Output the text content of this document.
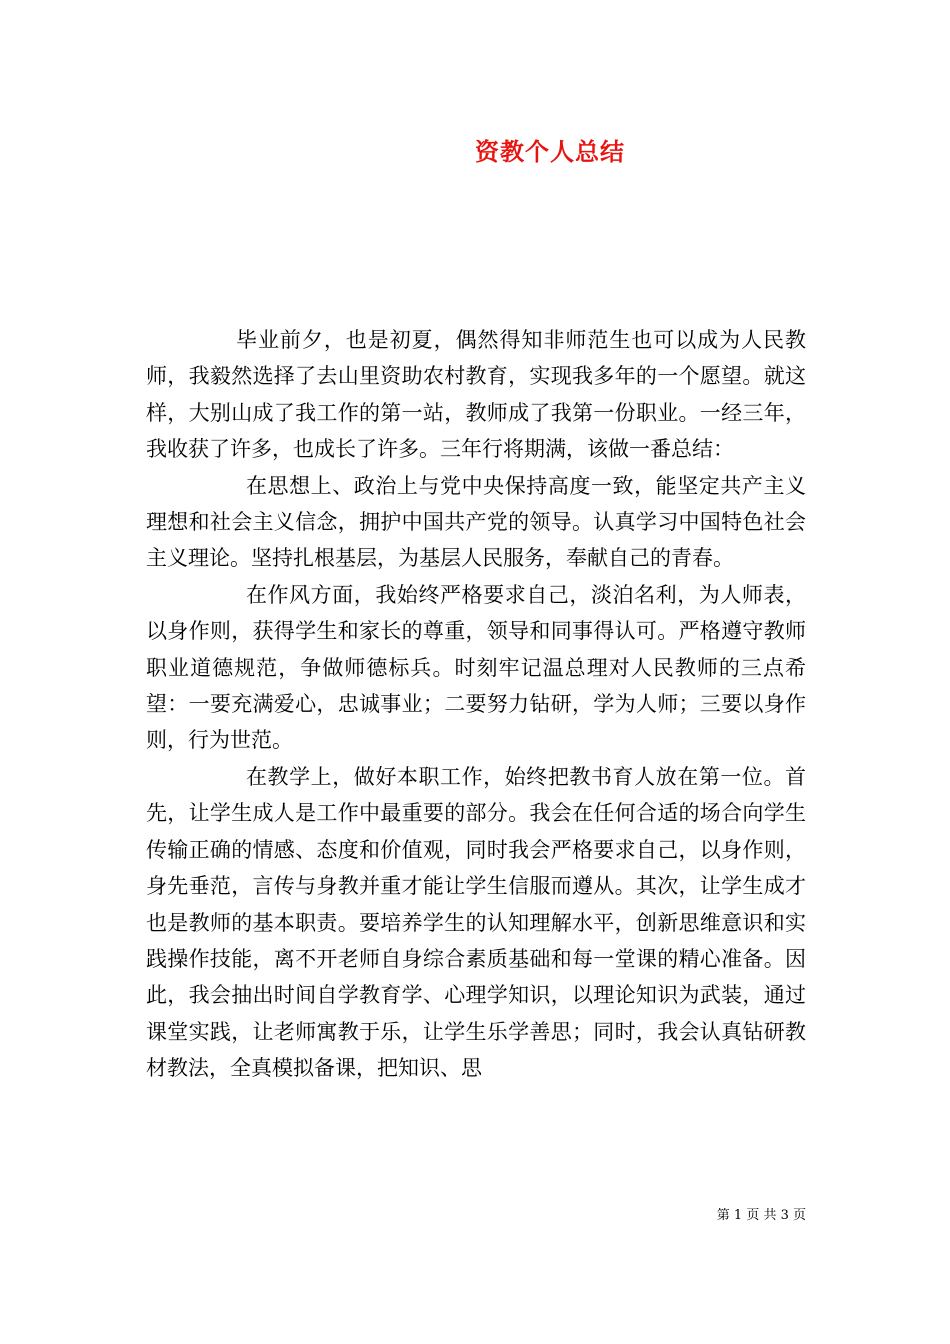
资教个人总结

毕业前夕，也是初夏，偶然得知非师范生也可以成为人民教师，我毅然选择了去山里资助农村教育，实现我多年的一个愿望。就这样，大别山成了我工作的第一站，教师成了我第一份职业。一经三年，我收获了许多，也成长了许多。三年行将期满，该做一番总结：

在思想上、政治上与党中央保持高度一致，能坚定共产主义理想和社会主义信念，拥护中国共产党的领导。认真学习中国特色社会主义理论。坚持扎根基层，为基层人民服务，奉献自己的青春。

在作风方面，我始终严格要求自己，淡泊名利，为人师表，以身作则，获得学生和家长的尊重，领导和同事得认可。严格遵守教师职业道德规范，争做师德标兵。时刻牢记温总理对人民教师的三点希望：一要充满爱心，忠诚事业；二要努力钻研，学为人师；三要以身作则，行为世范。

在教学上，做好本职工作，始终把教书育人放在第一位。首先，让学生成人是工作中最重要的部分。我会在任何合适的场合向学生传输正确的情感、态度和价值观，同时我会严格要求自己，以身作则，身先垂范，言传与身教并重才能让学生信服而遵从。其次，让学生成才也是教师的基本职责。要培养学生的认知理解水平，创新思维意识和实践操作技能，离不开老师自身综合素质基础和每一堂课的精心准备。因此，我会抽出时间自学教育学、心理学知识，以理论知识为武装，通过课堂实践，让老师寓教于乐，让学生乐学善思；同时，我会认真钻研教材教法，全真模拟备课，把知识、思

第 1 页 共 3 页
